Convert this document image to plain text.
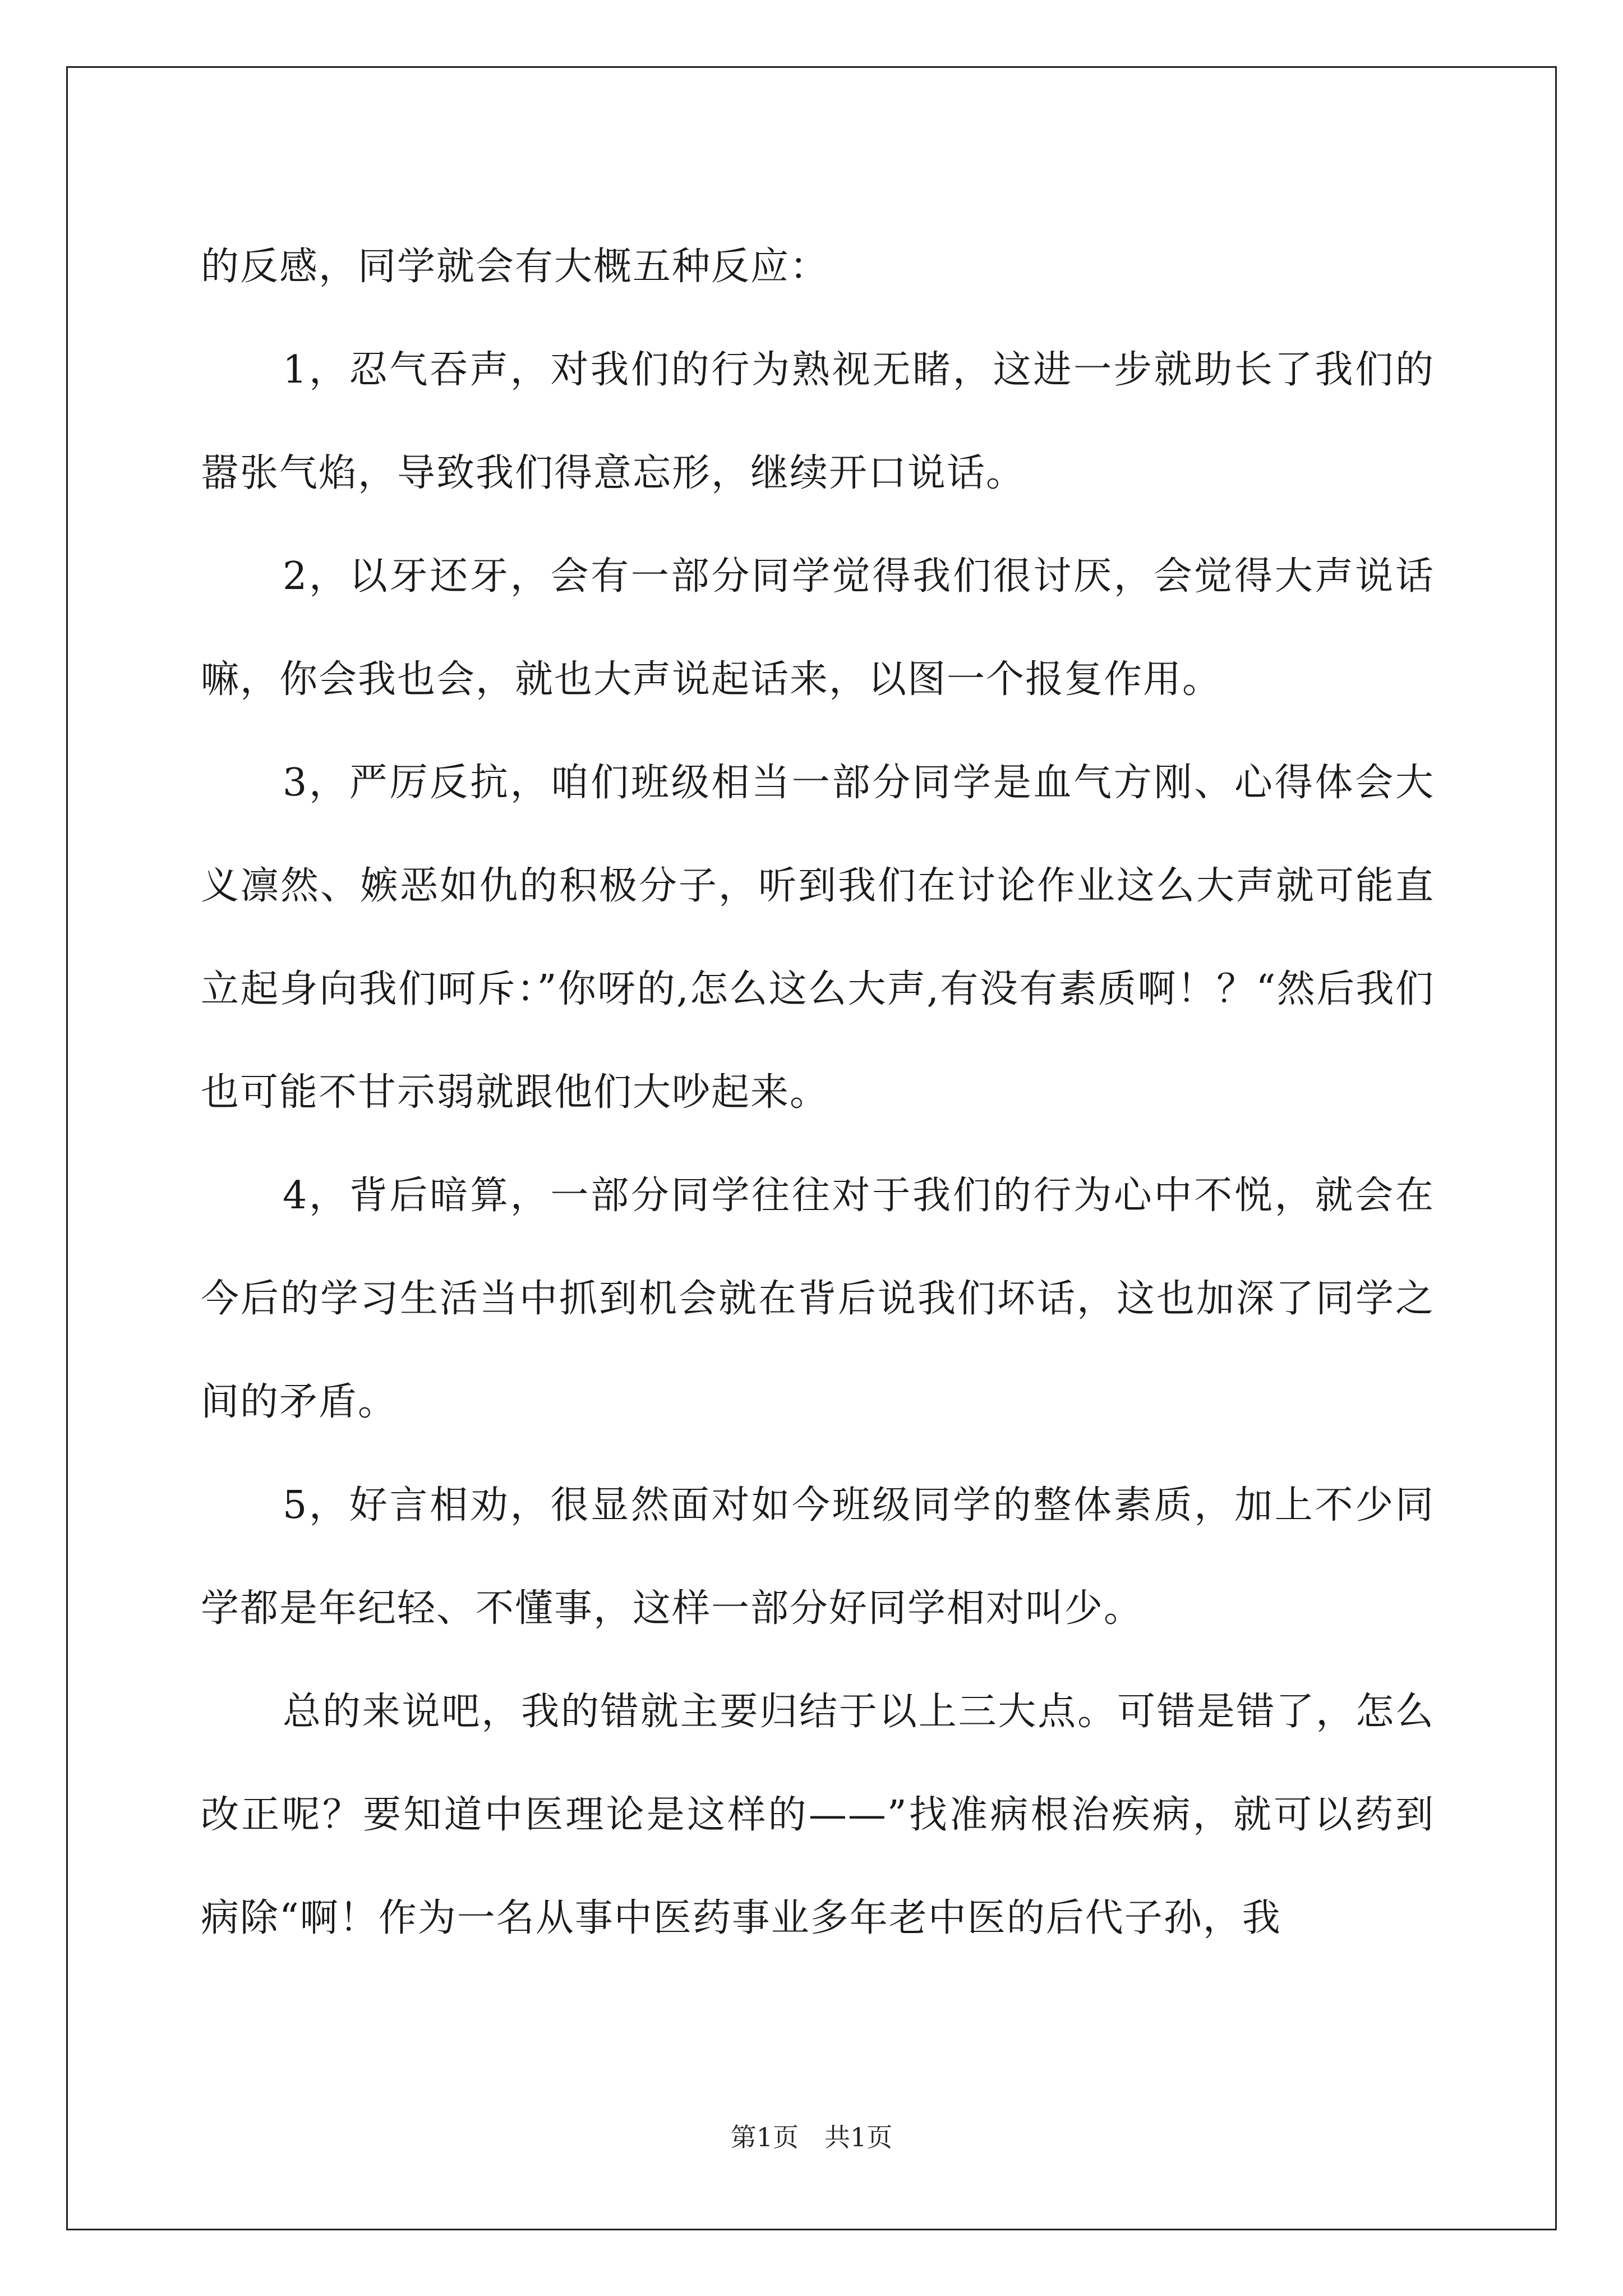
的反感，同学就会有大概五种反应：

1，忍气吞声，对我们的行为熟视无睹，这进一步就助长了我们的嚣张气焰，导致我们得意忘形，继续开口说话。

2，以牙还牙，会有一部分同学觉得我们很讨厌，会觉得大声说话嘛，你会我也会，就也大声说起话来，以图一个报复作用。

3，严厉反抗，咱们班级相当一部分同学是血气方刚、心得体会大义凛然、嫉恶如仇的积极分子，听到我们在讨论作业这么大声就可能直立起身向我们呵斥：”你呀的,怎么这么大声,有没有素质啊！？“然后我们也可能不甘示弱就跟他们大吵起来。

4，背后暗算，一部分同学往往对于我们的行为心中不悦，就会在今后的学习生活当中抓到机会就在背后说我们坏话，这也加深了同学之间的矛盾。

5，好言相劝，很显然面对如今班级同学的整体素质，加上不少同学都是年纪轻、不懂事，这样一部分好同学相对叫少。

总的来说吧，我的错就主要归结于以上三大点。可错是错了，怎么改正呢？要知道中医理论是这样的——”找准病根治疾病，就可以药到病除“啊！作为一名从事中医药事业多年老中医的后代子孙，我

第1页 共1页
